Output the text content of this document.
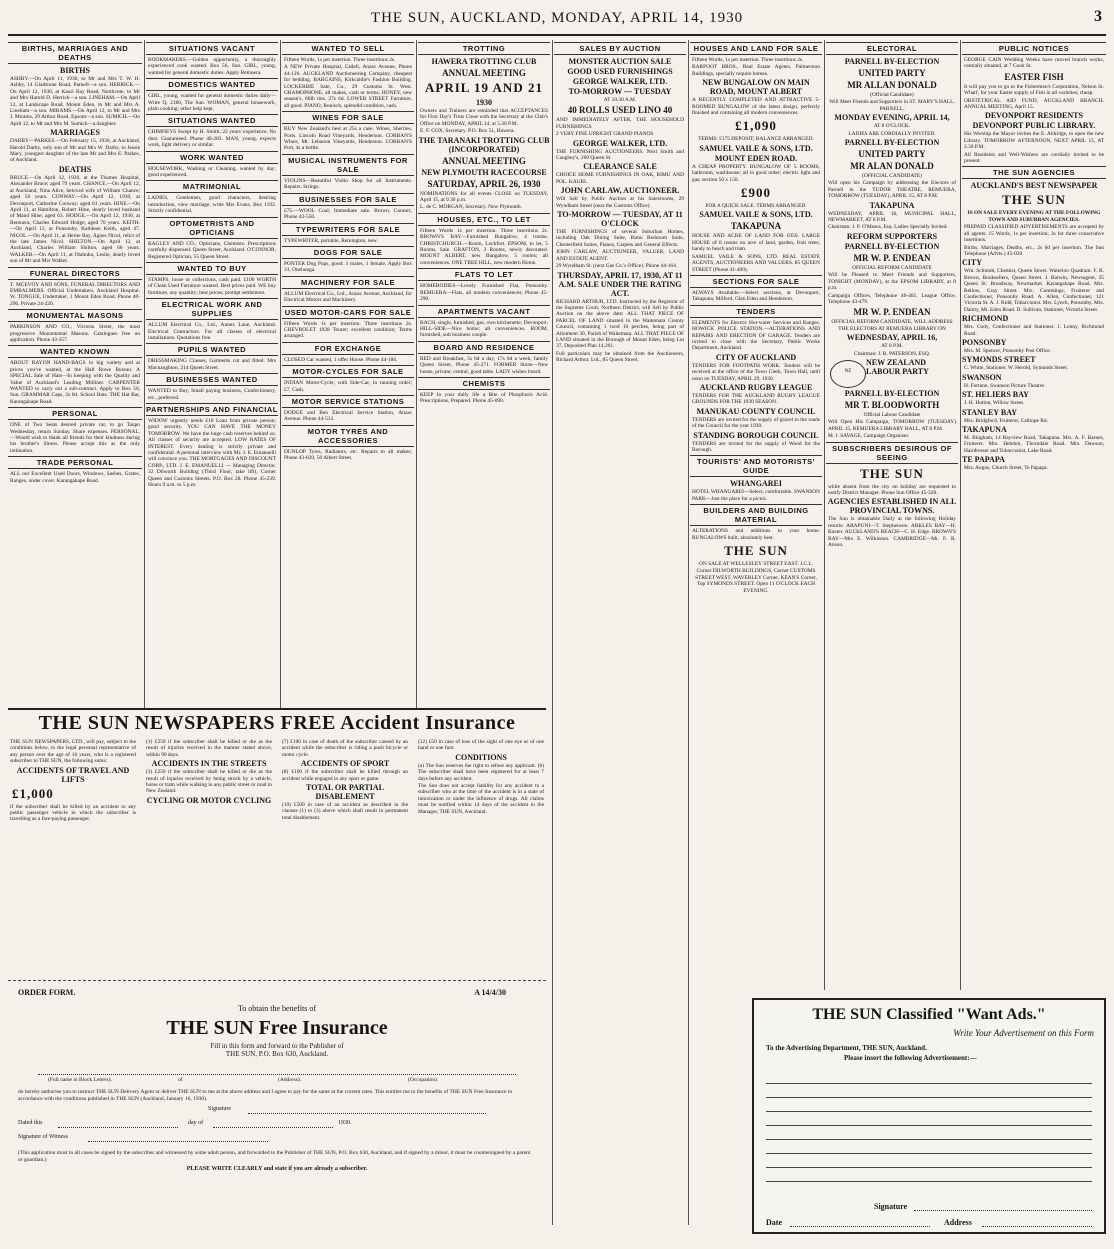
THE SUN, AUCKLAND, MONDAY, APRIL 14, 1930	3
BIRTHS, MARRIAGES AND DEATHS
BIRTHS
ASHBY.—On April 11, 1930, to Mr and Mrs T. W. H. Ashby, 14 Gladstone Road, Parnell—a son. HERRICK.—On April 12, 1930, at Kauri Bay Road, Northcote, to Mr and Mrs Harold D. Herrick—a son. LINEHAM.—On April 12, at Landscape Road, Mount Eden, to Mr and Mrs A. Lineham—a son. MIRAMS.—On April 12, to Mr and Mrs J. Mirams, 29 Arthur Road, Epsom—a son. SUMICH.—On April 12, to Mr and Mrs M. Sumich—a daughter.
MARRIAGES
DARBY—PARKES.—On February 15, 1930, at Auckland, Harold Darby, only son of Mr and Mrs W. Darby, to Jessie Mary, youngest daughter of the late Mr and Mrs E. Parkes, of Auckland.
DEATHS
BRUCE.—On April 12, 1930, at the Thames Hospital, Alexander Bruce; aged 79 years. CHANCE.—On April 12, at Auckland, Nina Alice, beloved wife of William Chance; aged 56 years. CONWAY.—On April 12, 1930, at Devonport, Catherine Conway; aged 81 years. HINE.—On April 11, at Hamilton, Robert Hine, dearly loved husband of Maud Hine; aged 63. HODGE.—On April 12, 1930, at Remuera, Charles Edward Hodge, aged 70 years. KEITH.—On April 12, at Ponsonby, Kathleen Keith, aged 47. NICOL.—On April 11, at Herne Bay, Agnes Nicol, relict of the late James Nicol. SHILTON.—On April 12, at Auckland, Charles William Shilton, aged 66 years. WALKER.—On April 11, at Otahuhu, Leslie, dearly loved son of Mr and Mrs Walker.
FUNERAL DIRECTORS
T. MCEVOY AND SONS, FUNERAL DIRECTORS AND EMBALMERS. Official Undertakers, Auckland Hospital. W. TONGUE, Undertaker, 1 Mount Eden Road. Phone 40-296. Private 24-220.
MONUMENTAL MASONS
PARKINSON AND CO., Victoria Street, the most progressive Monumental Masons. Catalogues free on application. Phone 43-357.
WANTED KNOWN
ABOUT RAYON HAND-BAGS in big variety and at prices you've wanted, at the Hall Rowe Bureau. A SPECIAL Sale of Hats—In keeping with the Quality and Value of Auckland's Leading Milliner. CARPENTER WANTED to carry out a sub-contract. Apply to Box 56, Sun. GRAMMAR Caps, 2s 6d. School Hats. THE Hat Bar, Karangahape Road.
PERSONAL
ONE of Two Seats desired private car, to go Taupo Wednesday, return Sunday. Share expenses. PERSONAL.—Would wish to thank all friends for their kindness during his brother's illness. Please accept this as the only intimation.
TRADE PERSONAL
ALL our Excellent Used Doors, Windows, Sashes, Grates, Ranges, under cover. Karangahape Road.
SITUATIONS VACANT
BOOKMAKERS.—Golden opportunity, a thoroughly experienced cook wanted. Box 56, Sun. GIRL, young, wanted for general domestic duties. Apply Remuera.
DOMESTICS WANTED
GIRL, young, wanted for general domestic duties daily—Write Q. 2186, The Sun. WOMAN, general housework, plain cooking; other help kept.
SITUATIONS WANTED
CHIMNEYS Swept by H. Smith; 22 years' experience. No dust. Guaranteed. Phone 40-283. MAN, young, expects work, light delivery or similar.
WORK WANTED
HOUSEWORK, Washing or Cleaning, wanted by day; good experienced.
MATRIMONIAL
LADIES, Gentlemen, good characters, desiring introduction, view marriage, write Mrs Evans, Box 1192. Strictly confidential.
OPTOMETRISTS AND OPTICIANS
BAGLEY AND CO., Opticians, Chemists. Prescriptions carefully dispensed. Queen Street, Auckland. O'CONNOR, Registered Optician, 55 Queen Street.
WANTED TO BUY
STAMPS, loose or collections, cash paid. £100 WORTH of Clean Used Furniture wanted. Best prices paid. WE buy furniture, any quantity; best prices; prompt settlement.
ELECTRICAL WORK AND SUPPLIES
ALLUM Electrical Co., Ltd., Annex Lane, Auckland. Electrical Contractors. For all classes of electrical installations. Quotations free.
PUPILS WANTED
DRESSMAKING Classes, Garments cut and fitted. Mrs Macnaughton, 214 Queen Street.
BUSINESSES WANTED
WANTED to Buy, Small paying business, Confectionery, etc., preferred.
PARTNERSHIPS AND FINANCIAL
WIDOW urgently needs £10 Loan from private person; good security. YOU CAN HAVE THE MONEY TOMORROW. We have the huge cash reserves behind us. All classes of security are accepted. LOW RATES OF INTEREST. Every dealing is strictly private and confidential. A personal interview with Mr. J. E. Emanuelli will convince you. THE MORTGAGES AND DISCOUNT CORP., LTD. J. E. EMANUELLI — Managing Director. 32 Dilworth Building (Third Floor, take lift), Corner Queen and Customs Streets. P.O. Box 28. Phone 45-239. Hours 9 a.m. to 5 p.m.
WANTED TO SELL
Fifteen Words, 1s per insertion. Three insertions 2s.
A NEW Private Hospital, Cadell, Anzac Avenue, Phone 44-126. AUCKLAND Auctioneering Company, cheapest for bedding. BARGAINS, Kirkcaldie's Fashion Building. LOCKERBIE Sale, Co., 29 Customs St. West. GRAMOPHONE, all makes, cash or terms. HONEY, new season's, 60lb tins. 27s 6d. LOWER STREET Furniture, all good. PIANO, Ronisch, splendid condition, cash.
WINES FOR SALE
BUY New Zealand's best at 25s a case. Wines, Sherries, Ports. Lincoln Road Vineyards, Henderson. CORBAN'S Wines, Mt. Lebanon Vineyards, Henderson. CORBAN'S Port, 4s a bottle.
MUSICAL INSTRUMENTS FOR SALE
VIOLINS—Beautiful Violin Shop for all Instruments. Repairs. Strings.
BUSINESSES FOR SALE
£75.—WOOL Coal; Immediate sale. Brown, Contact, Phone 43-550.
TYPEWRITERS FOR SALE
TYPEWRITER, portable, Remington, new.
DOGS FOR SALE
PONTER Dog Pups, good: 3 males, 1 female. Apply Box 31, Onehunga.
MACHINERY FOR SALE
ALLUM Electrical Co., Ltd., Anzac Avenue, Auckland, for Electrical Motors and Machinery.
USED MOTOR-CARS FOR SALE
Fifteen Words 1s per insertion. Three insertions 2s. CHEVROLET 1928 Tourer; excellent condition; Terms arranged.
FOR EXCHANGE
CLOSED Car wanted, 1 offer House. Phone 44-186.
MOTOR-CYCLES FOR SALE
INDIAN Motor-Cycle, with Side-Car, in running order; £7. Cash.
MOTOR SERVICE STATIONS
DODGE and Ben Electrical Service Station, Anzac Avenue. Phone 44-512.
MOTOR TYRES AND ACCESSORIES
DUNLOP Tyres, Radiators, etc. Repairs to all makes; Phone 43-820, 50 Albert Street.
TROTTING
HAWERA TROTTING CLUB
ANNUAL MEETING
APRIL 19 AND 21
1930
Owners and Trainers are reminded that ACCEPTANCES for First Day's Trots Close with the Secretary at the Club's Office on MONDAY, APRIL 14, at 5.30 P.M.
E. F. COX, Secretary. P.O. Box 51, Hawera.
THE TARANAKI TROTTING CLUB (INCORPORATED)
ANNUAL MEETING
NEW PLYMOUTH RACECOURSE
SATURDAY, APRIL 26, 1930
NOMINATIONS for all events CLOSE on TUESDAY, April 15, at 9.30 p.m.
L. de C. MORGAN, Secretary. New Plymouth.
HOUSES, ETC., TO LET
Fifteen Words 1s per insertion. Three insertions 2s. BROWN'S BAY—Furnished Bungalow, 4 rooms. CHRISTCHURCH.—Room, Lockfort. EPSOM, to let, 5 Rooms, Sale. GRAFTON, 3 Rooms, newly decorated. MOUNT ALBERT, new Bungalow, 5 rooms; all conveniences. ONE TREE HILL, new modern Home.
FLATS TO LET
HOMEBODIES—Lovely Furnished Flat, Ponsonby. REMUERA—Flats, all modern conveniences; Phone 45-290.
APARTMENTS VACANT
BACH, single, furnished, gas, own kitchenette; Devonport. HILL-SIDE—Nice home; all conveniences. ROOM, furnished, suit business couple.
BOARD AND RESIDENCE
BED and Breakfast, 5s 6d a day, 17s 6d a week, family Queen Street, Phone 45-271. FORMER Stone—New house, private; central, good table. LADY wishes board.
CHEMISTS
KEEP In your dully life a Bite of Phosphoric Acid. Prescriptions, Prepared. Phone 45-090.
SALES BY AUCTION
MONSTER AUCTION SALE
GOOD USED FURNISHINGS
GEORGE WALKER, LTD.
TO-MORROW — TUESDAY
AT 10.30 A.M.
40 ROLLS USED LINO 40
AND IMMEDIATELY AFTER, THE HOUSEHOLD FURNISHINGS
2 VERY FINE UPRIGHT GRAND PIANOS
GEORGE WALKER, LTD.
THE FURNISHING AUCTIONEERS. Next Smith and Caughey's, 260 Queen St.
CLEARANCE SALE
CHOICE HOME FURNISHINGS IN OAK, RIMU AND POL. KAURI.
JOHN CARLAW, AUCTIONEER.
Will Sell by Public Auction at his Salesrooms, 29 Wyndham Street (near the Customs Office).
TO-MORROW — TUESDAY, AT 11 O'CLOCK
THE FURNISHINGS of several Suburban Homes, including Oak Dining Suite, Rimu Bedroom Suite, Chesterfield Suites, Pianos, Carpets and General Effects.
JOHN CARLAW, AUCTIONEER, VALUER, LAND AND ESTATE AGENT.
29 Wyndham St. (next Gas Co.'s Office). Phone 44-164.
THURSDAY, APRIL 17, 1930, AT 11 A.M. SALE UNDER THE RATING ACT.
RICHARD ARTHUR, LTD. Instructed by the Registrar of the Supreme Court, Northern District, will Sell by Public Auction on the above date: ALL THAT PIECE OF PARCEL OF LAND situated in the Waitemata County Council, containing 1 rood 16 perches, being part of Allotment 30, Parish of Waitemata. ALL THAT PIECE OF LAND situated in the Borough of Mount Eden, being Lot 37, Deposited Plan 14,261.
Full particulars may be obtained from the Auctioneers, Richard Arthur, Ltd., 85 Queen Street.
HOUSES AND LAND FOR SALE
Fifteen Words, 1s per insertion. Three insertions 2s.
BARFOOT BROS., Real Estate Agents, Palmerston Buildings, specially require homes.
NEW BUNGALOW ON MAIN ROAD, MOUNT ALBERT
A RECENTLY COMPLETED AND ATTRACTIVE 5-ROOMED BUNGALOW of the latest design, perfectly finished and containing all modern conveniences.
£1,090
TERMS: £175 DEPOSIT; BALANCE ARRANGED.
SAMUEL VAILE & SONS, LTD.
MOUNT EDEN ROAD.
A CHEAP PROPERTY. BUNGALOW OF 5 ROOMS, bathroom, washhouse; all in good order; electric light and gas; section 50 x 150.
£900
FOR A QUICK SALE. TERMS ARRANGED.
SAMUEL VAILE & SONS, LTD.
TAKAPUNA
HOUSE AND ACRE OF LAND FOR £950. LARGE HOUSE of 8 rooms on acre of land, garden, fruit trees; handy to beach and tram.
SAMUEL VAILE & SONS, LTD. REAL ESTATE AGENTS, AUCTIONEERS AND VALUERS. 85 QUEEN STREET (Phone 41-400).
SECTIONS FOR SALE
ALWAYS Available.—Select sections, at Devonport, Takapuna, Milford, Glen Eden and Henderson.
TENDERS
ELEMENTS for Electric Hot-water Services and Ranges. HOWICK POLICE STATION.—ALTERATIONS AND REPAIRS AND ERECTION OF GARAGE. Tenders are invited to close with the Secretary, Public Works Department, Auckland.
CITY OF AUCKLAND
TENDERS FOR FOOTPATH WORK. Tenders will be received at the office of the Town Clerk, Town Hall, until noon on TUESDAY, APRIL 29, 1930.
AUCKLAND RUGBY LEAGUE
TENDERS FOR THE AUCKLAND RUGBY LEAGUE GROUNDS FOR THE 1930 SEASON.
MANUKAU COUNTY COUNCIL
TENDERS are invited for the supply of gravel to the roads of the Council for the year 1930.
STANDING BOROUGH COUNCIL
TENDERS are invited for the supply of Wood for the Borough.
TOURISTS' AND MOTORISTS' GUIDE
WHANGAREI
HOTEL WHANGAREI—Select, comfortable. SWANSON PARK—Just the place for a picnic.
BUILDERS AND BUILDING MATERIAL
ALTERATIONS and additions to your home. BUNGALOWS built, absolutely best.
THE SUN
ON SALE AT WELLESLEY STREET EAST. J.C.L.
Corner DILWORTH BUILDINGS, Corner CUSTOMS STREET WEST, WAVERLEY Corner, KEAN'S Corner, Top SYMONDS STREET. Open 11 O'CLOCK EACH EVENING.
ELECTORAL
PARNELL BY-ELECTION
UNITED PARTY
MR ALLAN DONALD
(Official Candidate)
Will Meet Friends and Supporters in ST. MARY'S HALL, PARNELL,
MONDAY EVENING, APRIL 14,
AT 8 O'CLOCK.
LADIES ARE CORDIALLY INVITED.
PARNELL BY-ELECTION
UNITED PARTY
MR ALAN DONALD
(OFFICIAL CANDIDATE)
Will open his Campaign by addressing the Electors of Parnell in the TUDOR THEATRE, REMUERA, TOMORROW (TUESDAY), APRIL 15, AT 8 P.M.
TAKAPUNA
WEDNESDAY, APRIL 16, MUNICIPAL HALL, NEWMARKET, AT 8 P.M.
Chairman: J. P. O'Meara, Esq. Ladies Specially Invited.
REFORM SUPPORTERS
PARNELL BY-ELECTION
MR W. P. ENDEAN
OFFICIAL REFORM CANDIDATE
Will be Pleased to Meet Friends and Supporters, TONIGHT (MONDAY), at the EPSOM LIBRARY, at 8 p.m.
Campaign Offices, Telephone 46-461. League Office, Telephone 43-479.
MR W. P. ENDEAN
OFFICIAL REFORM CANDIDATE, WILL ADDRESS THE ELECTORS AT REMUERA LIBRARY ON
WEDNESDAY, APRIL 16,
AT 8 P.M.
Chairman: J. B. PATERSON, ESQ.
NZ
NEW ZEALAND LABOUR PARTY
PARNELL BY-ELECTION
MR T. BLOODWORTH
Official Labour Candidate
Will Open His Campaign, TOMORROW (TUESDAY) APRIL 15, REMUERA LIBRARY HALL, AT 8 P.M.
M. J. SAVAGE, Campaign Organiser.
SUBSCRIBERS DESIROUS OF SEEING
THE SUN
while absent from the city on holiday are requested to notify District Manager. Phone Sun Office 45-320.
AGENCIES ESTABLISHED IN ALL PROVINCIAL TOWNS.
The Sun is obtainable Daily at the following Holiday resorts: ARAPUNI—T. Stephenson. ARKLES BAY—H. Baxter. AUCKLAND'S BEACH—C. H. Edge. BROWN'S BAY—Mrs E. Wilkinson. CAMBRIDGE—Mr. F. R. Anson.
PUBLIC NOTICES
GEORGE CAIN Wedding Weeks have moved branch works, centrally situated, at 7 Cook St.
EASTER FISH
It will pay you to go to the Fishermen's Corporation, Nelson St. Wharf, for your Easter supply of Fish in all varieties; cheap.
OBSTETRICAL AID FUND, AUCKLAND BRANCH. ANNUAL MEETING, April 15.
DEVONPORT RESIDENTS
DEVONPORT PUBLIC LIBRARY.
His Worship the Mayor invites the E. Aldridge, to open the new Library. TOMORROW AFTERNOON, NEXT APRIL 15, AT 2.30 P.M.
All Residents and Well-Wishers are cordially invited to be present.
THE SUN AGENCIES
AUCKLAND'S BEST NEWSPAPER
THE SUN
IS ON SALE EVERY EVENING AT THE FOLLOWING TOWN AND SUBURBAN AGENCIES.
PREPAID CLASSIFIED ADVERTISEMENTS are accepted by all agents: 15 Words, 1s per insertion; 3s for three consecutive insertions.
Births, Marriages, Deaths, etc., 2s 6d per insertion. The Sun Telephone (Advts.) 45-020.
CITY
Wm. Schmidt, Chemist, Queen Street. Waterloo Quadrant. F. R. Brown, Booksellers, Queen Street. J. Barwin, Newsagent, 25 Queen St. Broadway, Newmarket. Karangahape Road. Mrs. Bellow, Gray Street. Mrs. Cummings, Fruiterer and Confectioner, Ponsonby Road. A. Allen, Confectioner, 121 Victoria St. A. J. Ridd, Tobacconist. Mrs. Lynch, Ponsonby. Mrs. Dainty, Mt. Eden Road. D. Sullivan, Stationer, Victoria Street.
RICHMOND
Mrs. Cody, Confectioner and Stationer. J. Lenny, Richmond Road.
PONSONBY
Mrs. M. Spencer, Ponsonby Post Office.
SYMONDS STREET
C. White, Stationer. W. Herold, Symonds Street.
SWANSON
H. Fortune, Swanson Picture Theatre.
ST. HELIERS BAY
J. H. Hutton, Willow Street.
STANLEY BAY
Mrs. Bridgford, Fruiterer, Calliope Rd.
TAKAPUNA
M. Bingham, 14 Bayview Road, Takapuna. Mrs. A. F. Barnes, Fruiterer. Mrs. Hebdon, Thorndale Road. Mrs. Dawson, Hairdresser and Tobacconist, Lake Road.
TE PAPAPA
Mrs. Angus, Church Street, Te Papapa.
THE SUN NEWSPAPERS FREE Accident Insurance
THE SUN NEWSPAPERS, LTD., will pay, subject to the conditions below, to the legal personal representative of any person over the age of 16 years, who is a registered subscriber to THE SUN, the following sums:
ACCIDENTS OF TRAVEL AND LIFTS
£1,000
if the subscriber shall be killed by an accident to any public passenger vehicle in which the subscriber is travelling as a fare-paying passenger.
(1) £250 if the subscriber shall be killed or die as the result of injuries received in the manner stated above, within 90 days.
ACCIDENTS IN THE STREETS
(3) £250 if the subscriber shall be killed or die as the result of injuries received by being struck by a vehicle, horse or tram while walking in any public street or road in New Zealand.
CYCLING OR MOTOR CYCLING
(7) £100 in case of death of the subscriber caused by an accident while the subscriber is riding a push bicycle or motor cycle.
ACCIDENTS OF SPORT
(8) £100 if the subscriber shall be killed through an accident while engaged in any sport or game.
TOTAL OR PARTIAL DISABLEMENT
(10) £500 in case of an accident as described in the clauses (1) to (3) above which shall result in permanent total disablement.
(12) £50 in case of loss of the sight of one eye or of one hand or one foot.
CONDITIONS
(a) The Sun reserves the right to refuse any applicant. (b) The subscriber shall have been registered for at least 7 days before any accident.
The Sun does not accept liability for any accident to a subscriber who at the time of the accident is in a state of intoxication or under the influence of drugs. All claims must be notified within 14 days of the accident to the Manager, THE SUN, Auckland.
ORDER FORM.	A 14/4/30
To obtain the benefits of
THE SUN Free Insurance
Fill in this form and forward to the Publisher of
THE SUN, P.O. Box 630, Auckland.
(Full name in Block Letters).	of	(Address).	(Occupation).
do hereby authorise you to instruct THE SUN Delivery Agent or deliver THE SUN to me at the above address and I agree to pay for the same at the current rates. This entitles me to the benefits of THE SUN Free Insurance in accordance with the conditions published in THE SUN (Auckland, January 16, 1930).
Signature
Dated this	day of	1930.
Signature of Witness
(This application must in all cases be signed by the subscriber and witnessed by some adult person, and forwarded to the Publisher of THE SUN, P.O. Box 630, Auckland, and if signed by a minor, it must be countersigned by a parent or guardian.)
PLEASE WRITE CLEARLY and state if you are already a subscriber.
THE SUN Classified "Want Ads."
Write Your Advertisement on this Form
To the Advertising Department, THE SUN, Auckland.
Please insert the following Advertisement:—
Signature
Date	Address
